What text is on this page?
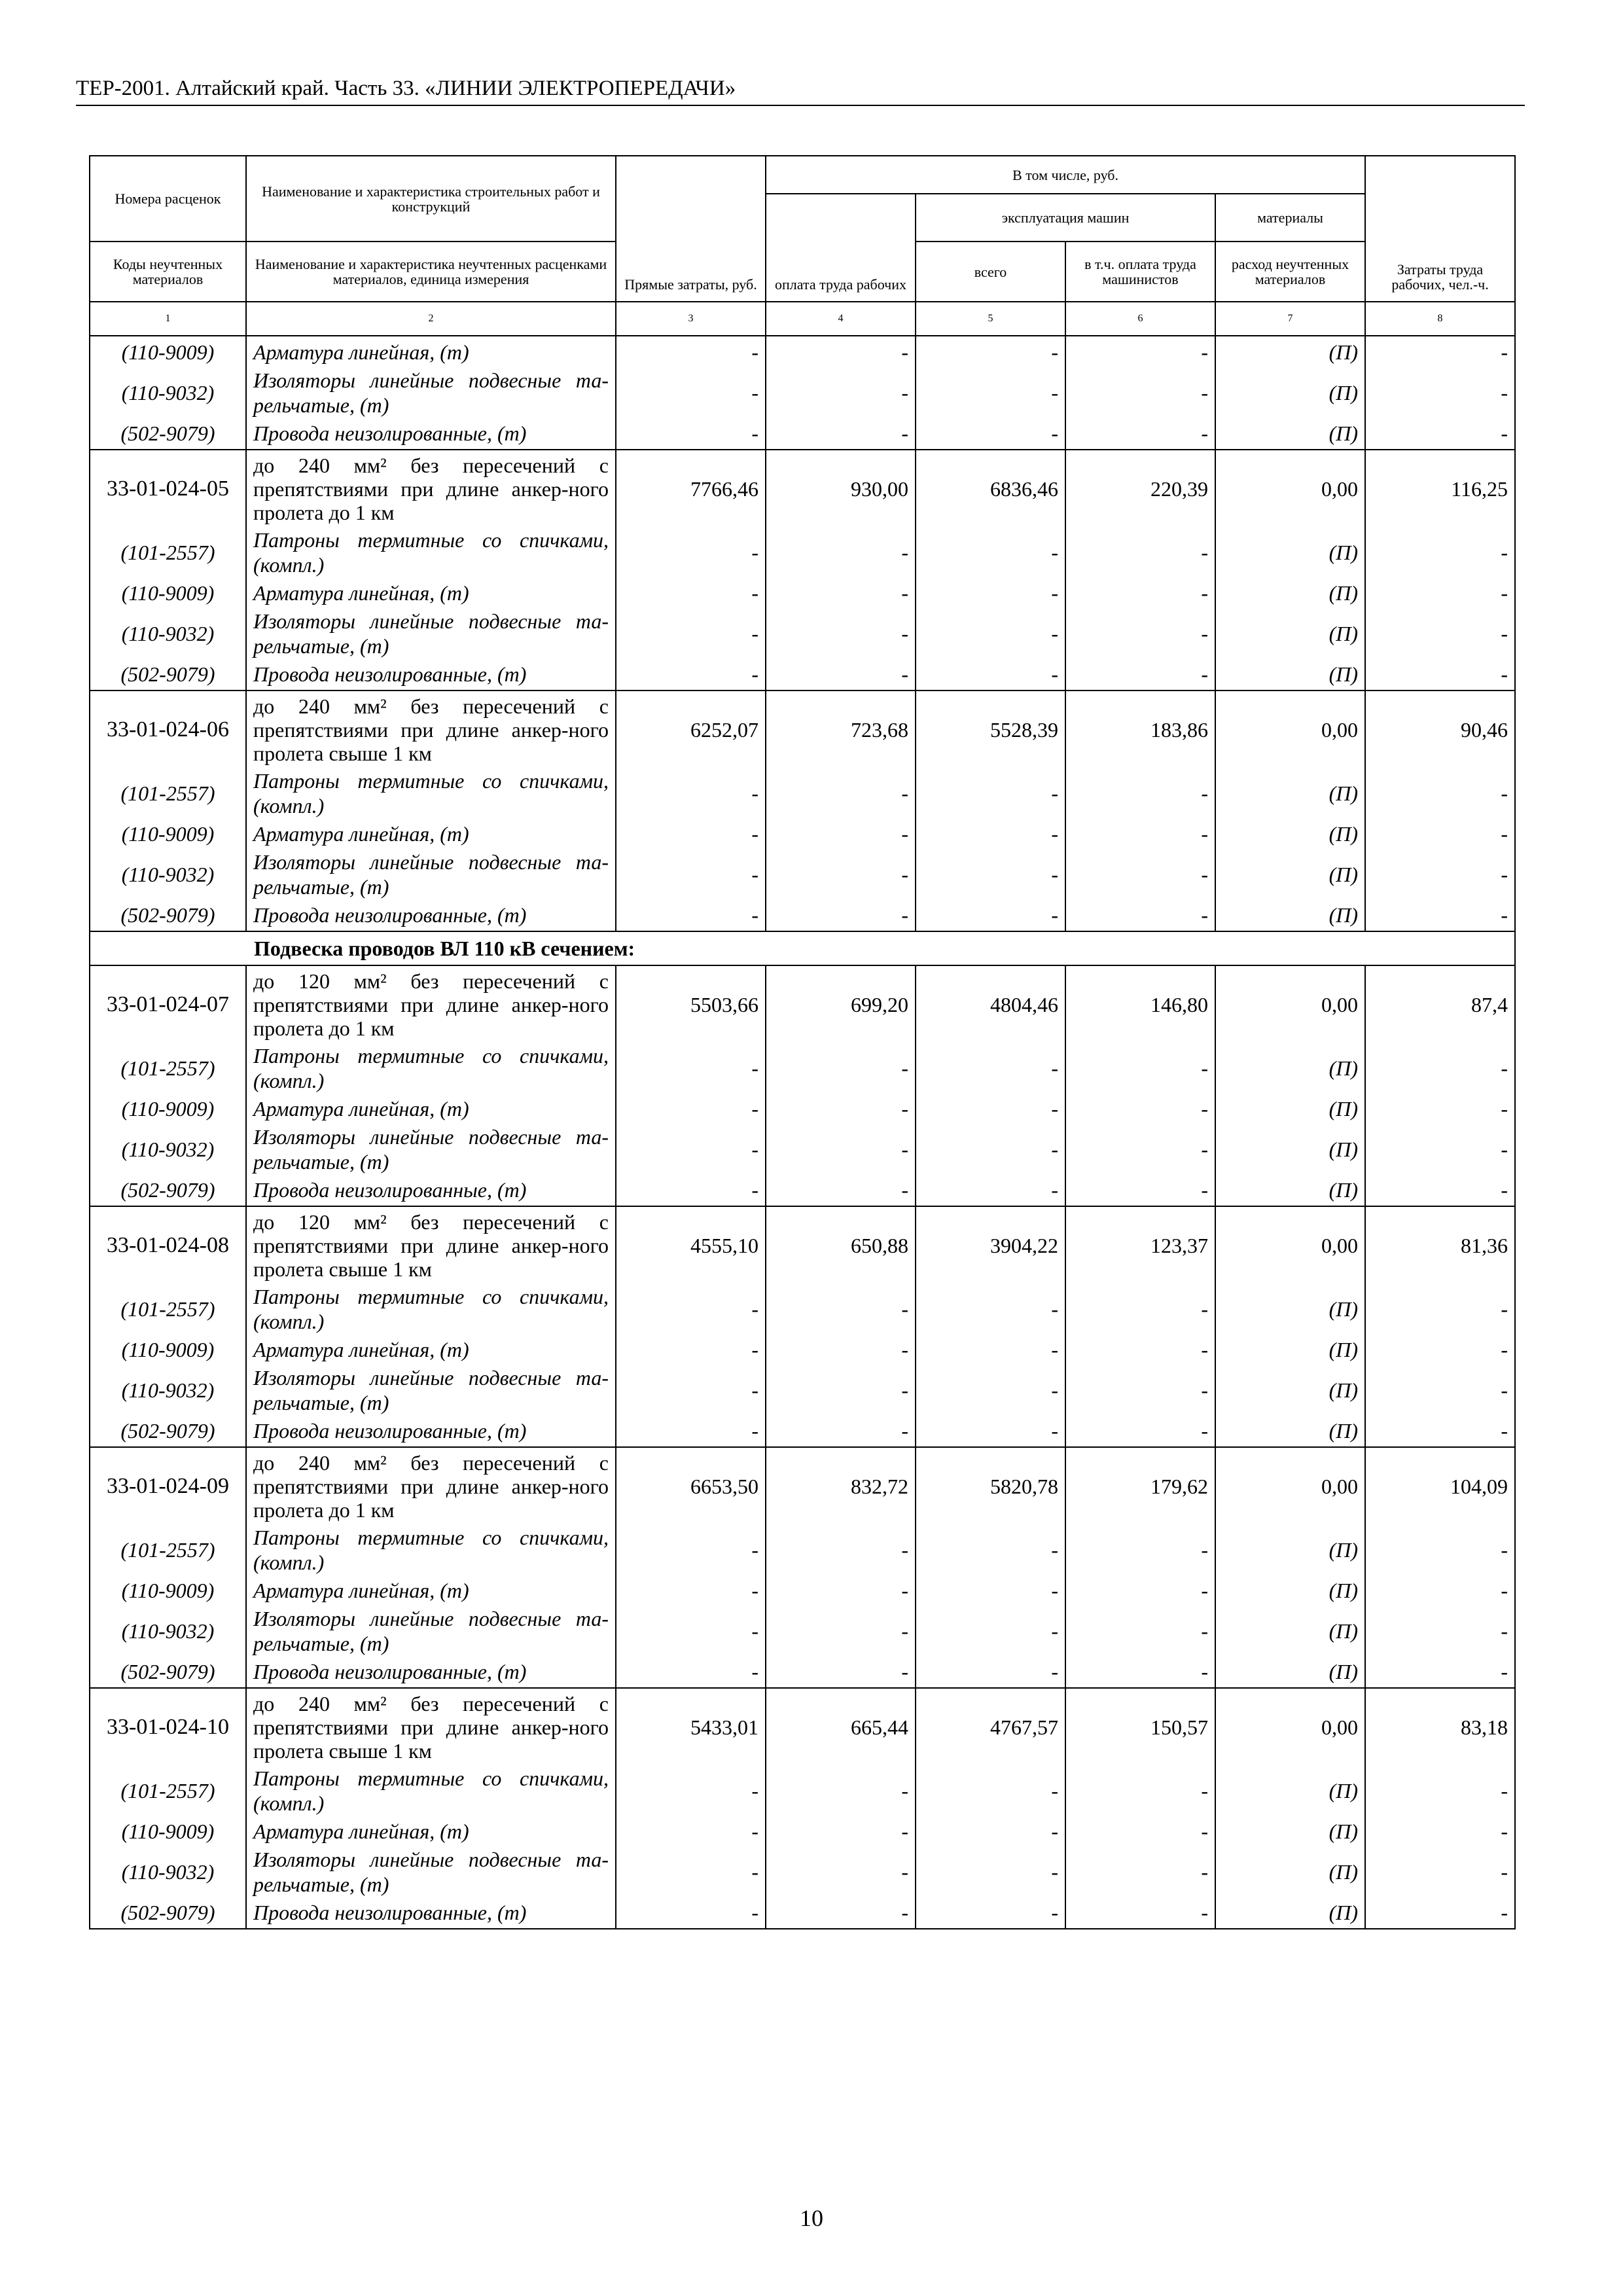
ТЕР-2001. Алтайский край. Часть 33. «ЛИНИИ ЭЛЕКТРОПЕРЕДАЧИ»
Номера расценок	Наименование и характеристика строительных работ и конструкций	Прямые затраты, руб.	В том числе, руб.				Затраты труда рабочих, чел.-ч.
			оплата труда рабочих	эксплуатация машин		материалы	
Коды неучтенных материалов	Наименование и характеристика неучтенных расценками материалов, единица измерения			всего	в т.ч. оплата труда машинистов	расход неучтенных материалов	
1	2	3	4	5	6	7	8
(110-9009)	Арматура линейная, (т)	-	-	-	-	(П)	-
(110-9032)	Изоляторы линейные подвесные та-рельчатые, (т)	-	-	-	-	(П)	-
(502-9079)	Провода неизолированные, (т)	-	-	-	-	(П)	-
33-01-024-05	до 240 мм² без пересечений с препятствиями при длине анкер-ного пролета до 1 км	7766,46	930,00	6836,46	220,39	0,00	116,25
(101-2557)	Патроны термитные со спичками, (компл.)	-	-	-	-	(П)	-
(110-9009)	Арматура линейная, (т)	-	-	-	-	(П)	-
(110-9032)	Изоляторы линейные подвесные та-рельчатые, (т)	-	-	-	-	(П)	-
(502-9079)	Провода неизолированные, (т)	-	-	-	-	(П)	-
33-01-024-06	до 240 мм² без пересечений с препятствиями при длине анкер-ного пролета свыше 1 км	6252,07	723,68	5528,39	183,86	0,00	90,46
(101-2557)	Патроны термитные со спичками, (компл.)	-	-	-	-	(П)	-
(110-9009)	Арматура линейная, (т)	-	-	-	-	(П)	-
(110-9032)	Изоляторы линейные подвесные та-рельчатые, (т)	-	-	-	-	(П)	-
(502-9079)	Провода неизолированные, (т)	-	-	-	-	(П)	-

Подвеска проводов ВЛ 110 кВ сечением:							

33-01-024-07	до 120 мм² без пересечений с препятствиями при длине анкер-ного пролета до 1 км	5503,66	699,20	4804,46	146,80	0,00	87,4
(101-2557)	Патроны термитные со спичками, (компл.)	-	-	-	-	(П)	-
(110-9009)	Арматура линейная, (т)	-	-	-	-	(П)	-
(110-9032)	Изоляторы линейные подвесные та-рельчатые, (т)	-	-	-	-	(П)	-
(502-9079)	Провода неизолированные, (т)	-	-	-	-	(П)	-
33-01-024-08	до 120 мм² без пересечений с препятствиями при длине анкер-ного пролета свыше 1 км	4555,10	650,88	3904,22	123,37	0,00	81,36
(101-2557)	Патроны термитные со спичками, (компл.)	-	-	-	-	(П)	-
(110-9009)	Арматура линейная, (т)	-	-	-	-	(П)	-
(110-9032)	Изоляторы линейные подвесные та-рельчатые, (т)	-	-	-	-	(П)	-
(502-9079)	Провода неизолированные, (т)	-	-	-	-	(П)	-
33-01-024-09	до 240 мм² без пересечений с препятствиями при длине анкер-ного пролета до 1 км	6653,50	832,72	5820,78	179,62	0,00	104,09
(101-2557)	Патроны термитные со спичками, (компл.)	-	-	-	-	(П)	-
(110-9009)	Арматура линейная, (т)	-	-	-	-	(П)	-
(110-9032)	Изоляторы линейные подвесные та-рельчатые, (т)	-	-	-	-	(П)	-
(502-9079)	Провода неизолированные, (т)	-	-	-	-	(П)	-
33-01-024-10	до 240 мм² без пересечений с препятствиями при длине анкер-ного пролета свыше 1 км	5433,01	665,44	4767,57	150,57	0,00	83,18
(101-2557)	Патроны термитные со спичками, (компл.)	-	-	-	-	(П)	-
(110-9009)	Арматура линейная, (т)	-	-	-	-	(П)	-
(110-9032)	Изоляторы линейные подвесные та-рельчатые, (т)	-	-	-	-	(П)	-
(502-9079)	Провода неизолированные, (т)	-	-	-	-	(П)	-
10
